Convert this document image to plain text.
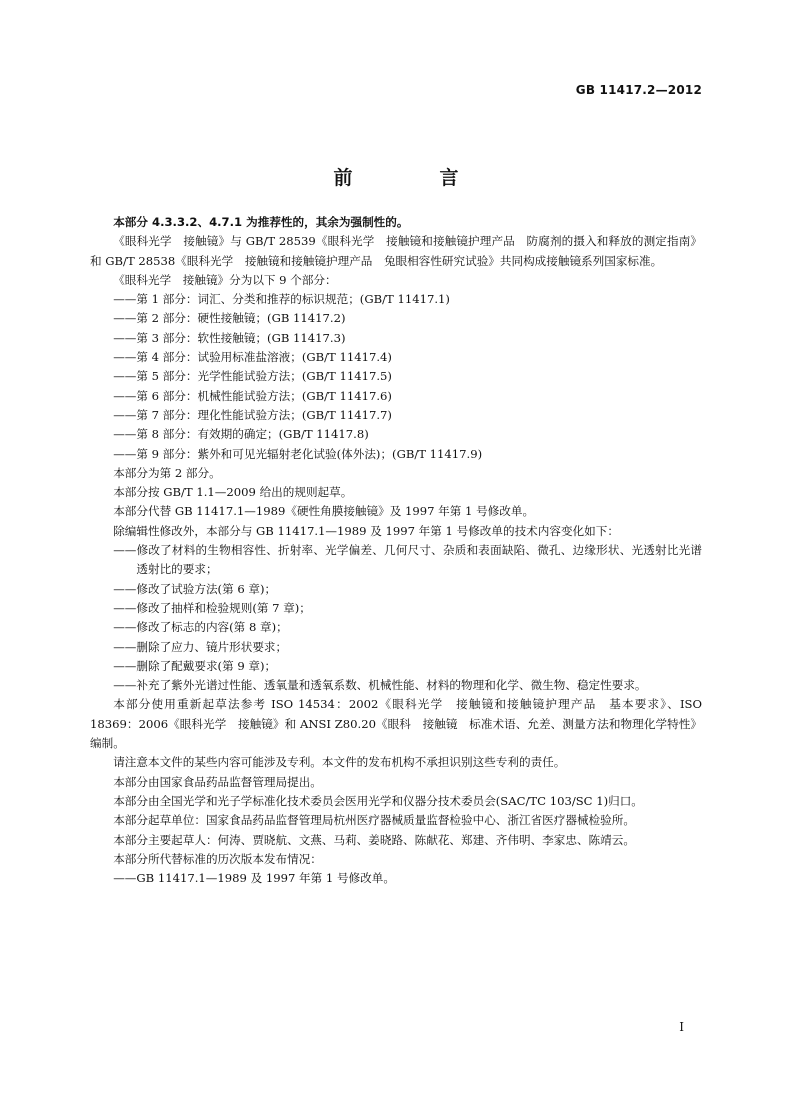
GB 11417.2—2012
前　言

本部分 4.3.3.2、4.7.1 为推荐性的，其余为强制性的。

《眼科光学　接触镜》与 GB/T 28539《眼科光学　接触镜和接触镜护理产品　防腐剂的摄入和释放的测定指南》和 GB/T 28538《眼科光学　接触镜和接触镜护理产品　兔眼相容性研究试验》共同构成接触镜系列国家标准。

《眼科光学　接触镜》分为以下 9 个部分：

——第 1 部分：词汇、分类和推荐的标识规范；(GB/T 11417.1)

——第 2 部分：硬性接触镜；(GB 11417.2)

——第 3 部分：软性接触镜；(GB 11417.3)

——第 4 部分：试验用标准盐溶液；(GB/T 11417.4)

——第 5 部分：光学性能试验方法；(GB/T 11417.5)

——第 6 部分：机械性能试验方法；(GB/T 11417.6)

——第 7 部分：理化性能试验方法；(GB/T 11417.7)

——第 8 部分：有效期的确定；(GB/T 11417.8)

——第 9 部分：紫外和可见光辐射老化试验(体外法)；(GB/T 11417.9)

本部分为第 2 部分。

本部分按 GB/T 1.1—2009 给出的规则起草。

本部分代替 GB 11417.1—1989《硬性角膜接触镜》及 1997 年第 1 号修改单。

除编辑性修改外，本部分与 GB 11417.1—1989 及 1997 年第 1 号修改单的技术内容变化如下：

——修改了材料的生物相容性、折射率、光学偏差、几何尺寸、杂质和表面缺陷、微孔、边缘形状、光透射比光谱透射比的要求；

——修改了试验方法(第 6 章)；

——修改了抽样和检验规则(第 7 章)；

——修改了标志的内容(第 8 章)；

——删除了应力、镜片形状要求；

——删除了配戴要求(第 9 章)；

——补充了紫外光谱过性能、透氧量和透氧系数、机械性能、材料的物理和化学、微生物、稳定性要求。

本部分使用重新起草法参考 ISO 14534：2002《眼科光学　接触镜和接触镜护理产品　基本要求》、ISO 18369：2006《眼科光学　接触镜》和 ANSI Z80.20《眼科　接触镜　标准术语、允差、测量方法和物理化学特性》编制。

请注意本文件的某些内容可能涉及专利。本文件的发布机构不承担识别这些专利的责任。

本部分由国家食品药品监督管理局提出。

本部分由全国光学和光子学标准化技术委员会医用光学和仪器分技术委员会(SAC/TC 103/SC 1)归口。

本部分起草单位：国家食品药品监督管理局杭州医疗器械质量监督检验中心、浙江省医疗器械检验所。

本部分主要起草人：何涛、贾晓航、文燕、马莉、姜晓路、陈献花、郑建、齐伟明、李家忠、陈靖云。

本部分所代替标准的历次版本发布情况：

——GB 11417.1—1989 及 1997 年第 1 号修改单。

I
